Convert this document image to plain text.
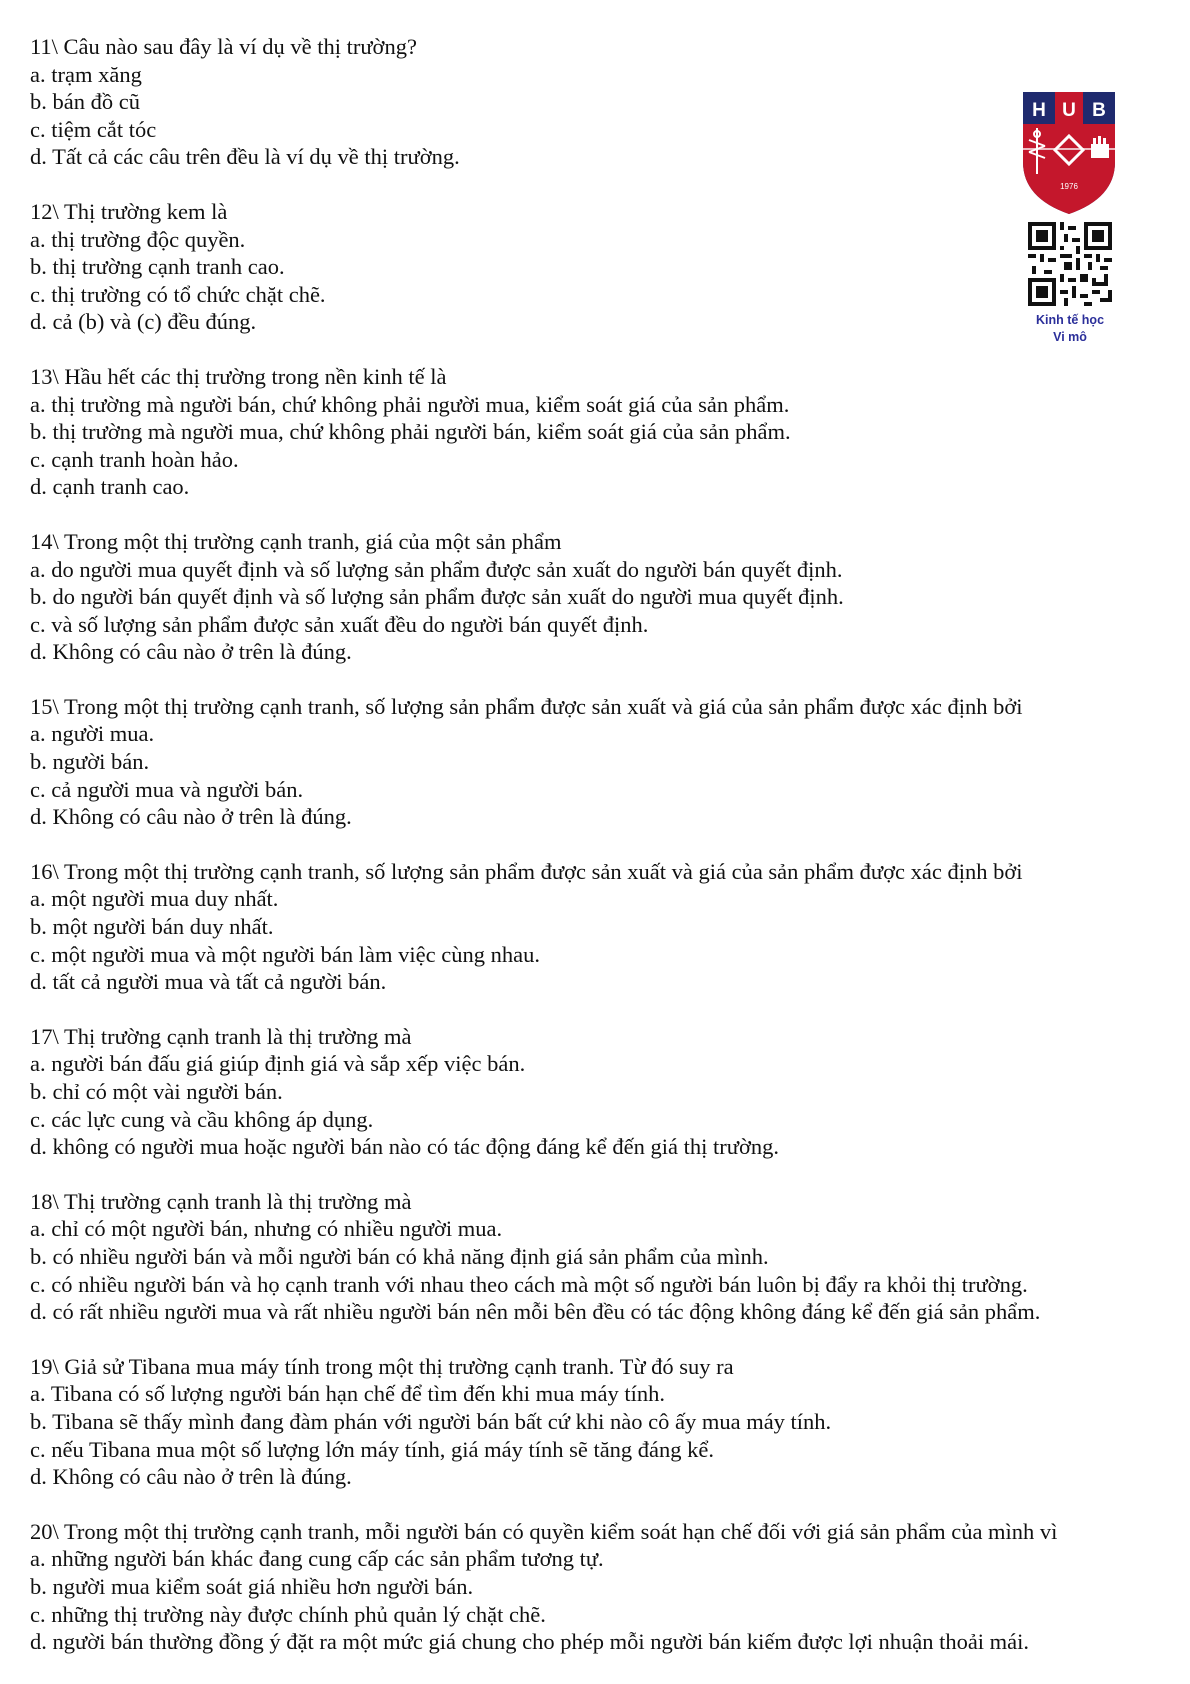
11\ Câu nào sau đây là ví dụ về thị trường?
a. trạm xăng
b. bán đồ cũ
c. tiệm cắt tóc
d. Tất cả các câu trên đều là ví dụ về thị trường.
12\ Thị trường kem là
a. thị trường độc quyền.
b. thị trường cạnh tranh cao.
c. thị trường có tổ chức chặt chẽ.
d. cả (b) và (c) đều đúng.
13\ Hầu hết các thị trường trong nền kinh tế là
a. thị trường mà người bán, chứ không phải người mua, kiểm soát giá của sản phẩm.
b. thị trường mà người mua, chứ không phải người bán, kiểm soát giá của sản phẩm.
c. cạnh tranh hoàn hảo.
d. cạnh tranh cao.
14\ Trong một thị trường cạnh tranh, giá của một sản phẩm
a. do người mua quyết định và số lượng sản phẩm được sản xuất do người bán quyết định.
b. do người bán quyết định và số lượng sản phẩm được sản xuất do người mua quyết định.
c. và số lượng sản phẩm được sản xuất đều do người bán quyết định.
d. Không có câu nào ở trên là đúng.
15\ Trong một thị trường cạnh tranh, số lượng sản phẩm được sản xuất và giá của sản phẩm được xác định bởi
a. người mua.
b. người bán.
c. cả người mua và người bán.
d. Không có câu nào ở trên là đúng.
16\ Trong một thị trường cạnh tranh, số lượng sản phẩm được sản xuất và giá của sản phẩm được xác định bởi
a. một người mua duy nhất.
b. một người bán duy nhất.
c. một người mua và một người bán làm việc cùng nhau.
d. tất cả người mua và tất cả người bán.
17\ Thị trường cạnh tranh là thị trường mà
a. người bán đấu giá giúp định giá và sắp xếp việc bán.
b. chỉ có một vài người bán.
c. các lực cung và cầu không áp dụng.
d. không có người mua hoặc người bán nào có tác động đáng kể đến giá thị trường.
18\ Thị trường cạnh tranh là thị trường mà
a. chỉ có một người bán, nhưng có nhiều người mua.
b. có nhiều người bán và mỗi người bán có khả năng định giá sản phẩm của mình.
c. có nhiều người bán và họ cạnh tranh với nhau theo cách mà một số người bán luôn bị đẩy ra khỏi thị trường.
d. có rất nhiều người mua và rất nhiều người bán nên mỗi bên đều có tác động không đáng kể đến giá sản phẩm.
19\ Giả sử Tibana mua máy tính trong một thị trường cạnh tranh. Từ đó suy ra
a. Tibana có số lượng người bán hạn chế để tìm đến khi mua máy tính.
b. Tibana sẽ thấy mình đang đàm phán với người bán bất cứ khi nào cô ấy mua máy tính.
c. nếu Tibana mua một số lượng lớn máy tính, giá máy tính sẽ tăng đáng kể.
d. Không có câu nào ở trên là đúng.
20\ Trong một thị trường cạnh tranh, mỗi người bán có quyền kiểm soát hạn chế đối với giá sản phẩm của mình vì
a. những người bán khác đang cung cấp các sản phẩm tương tự.
b. người mua kiểm soát giá nhiều hơn người bán.
c. những thị trường này được chính phủ quản lý chặt chẽ.
d. người bán thường đồng ý đặt ra một mức giá chung cho phép mỗi người bán kiếm được lợi nhuận thoải mái.
H U B
1976
Kinh tế học
Vi mô
